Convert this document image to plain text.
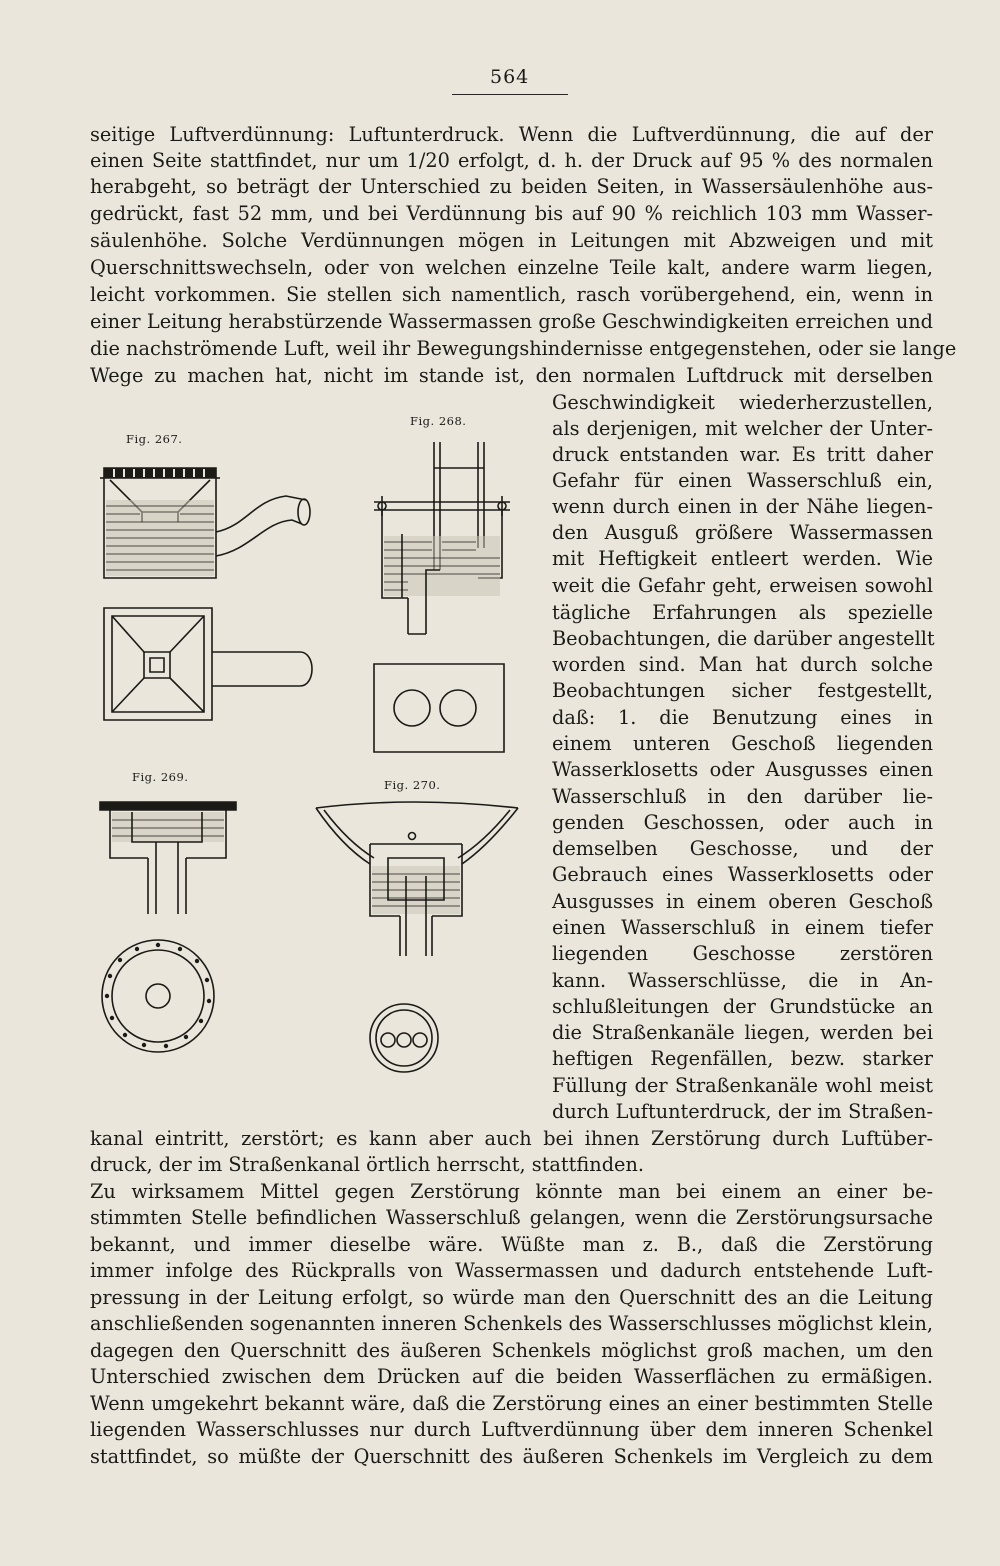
564
seitige Luftverdünnung: Luftunterdruck. Wenn die Luftverdünnung, die auf der
einen Seite stattfindet, nur um 1/20 erfolgt, d. h. der Druck auf 95 % des normalen
herabgeht, so beträgt der Unterschied zu beiden Seiten, in Wassersäulenhöhe aus-
gedrückt, fast 52 mm, und bei Verdünnung bis auf 90 % reichlich 103 mm Wasser-
säulenhöhe. Solche Verdünnungen mögen in Leitungen mit Abzweigen und mit
Querschnittswechseln, oder von welchen einzelne Teile kalt, andere warm liegen,
leicht vorkommen. Sie stellen sich namentlich, rasch vorübergehend, ein, wenn in
einer Leitung herabstürzende Wassermassen große Geschwindigkeiten erreichen und
die nachströmende Luft, weil ihr Bewegungshindernisse entgegenstehen, oder sie lange
Wege zu machen hat, nicht im stande ist, den normalen Luftdruck mit derselben
Geschwindigkeit wiederherzustellen,
als derjenigen, mit welcher der Unter-
druck entstanden war. Es tritt daher
Gefahr für einen Wasserschluß ein,
wenn durch einen in der Nähe liegen-
den Ausguß größere Wassermassen
mit Heftigkeit entleert werden. Wie
weit die Gefahr geht, erweisen sowohl
tägliche Erfahrungen als spezielle
Beobachtungen, die darüber angestellt
worden sind. Man hat durch solche
Beobachtungen sicher festgestellt,
daß: 1. die Benutzung eines in
einem unteren Geschoß liegenden
Wasserklosetts oder Ausgusses einen
Wasserschluß in den darüber lie-
genden Geschossen, oder auch in
demselben Geschosse, und der
Gebrauch eines Wasserklosetts oder
Ausgusses in einem oberen Geschoß
einen Wasserschluß in einem tiefer
liegenden Geschosse zerstören
kann. Wasserschlüsse, die in An-
schlußleitungen der Grundstücke an
die Straßenkanäle liegen, werden bei
heftigen Regenfällen, bezw. starker
Füllung der Straßenkanäle wohl meist
durch Luftunterdruck, der im Straßen-
kanal eintritt, zerstört; es kann aber auch bei ihnen Zerstörung durch Luftüber-
druck, der im Straßenkanal örtlich herrscht, stattfinden.
Zu wirksamem Mittel gegen Zerstörung könnte man bei einem an einer be-
stimmten Stelle befindlichen Wasserschluß gelangen, wenn die Zerstörungsursache
bekannt, und immer dieselbe wäre. Wüßte man z. B., daß die Zerstörung
immer infolge des Rückpralls von Wassermassen und dadurch entstehende Luft-
pressung in der Leitung erfolgt, so würde man den Querschnitt des an die Leitung
anschließenden sogenannten inneren Schenkels des Wasserschlusses möglichst klein,
dagegen den Querschnitt des äußeren Schenkels möglichst groß machen, um den
Unterschied zwischen dem Drücken auf die beiden Wasserflächen zu ermäßigen.
Wenn umgekehrt bekannt wäre, daß die Zerstörung eines an einer bestimmten Stelle
liegenden Wasserschlusses nur durch Luftverdünnung über dem inneren Schenkel
stattfindet, so müßte der Querschnitt des äußeren Schenkels im Vergleich zu dem
Fig. 267.
Fig. 268.
Fig. 269.
Fig. 270.
